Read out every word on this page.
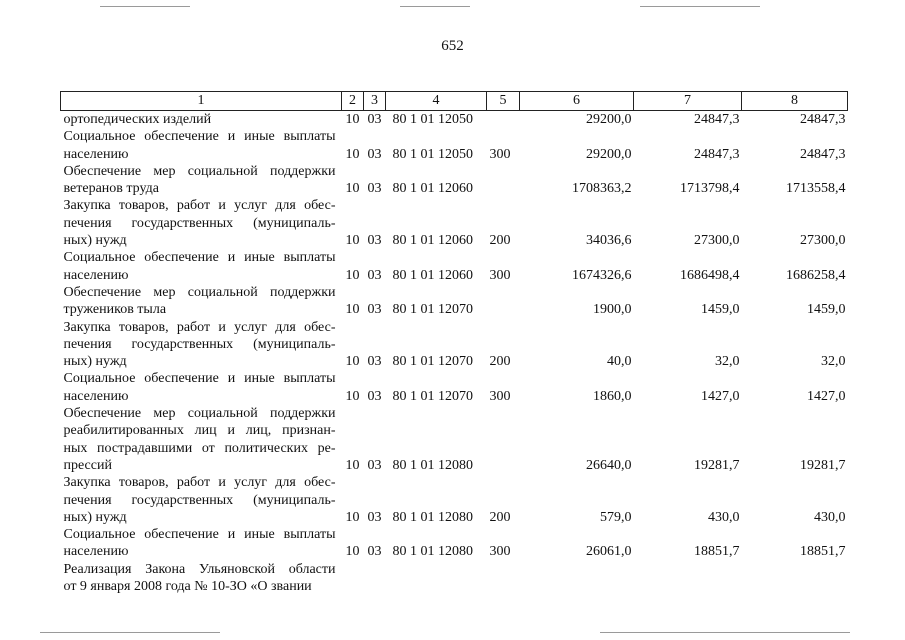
652
1	2	3	4	5	6	7	8

ортопедических изделий	10	03	80 1 01 12050		29200,0	24847,3	24847,3

Социальное обеспечение и иные выплаты
населению	10	03	80 1 01 12050	300	29200,0	24847,3	24847,3

Обеспечение мер социальной поддержки
ветеранов труда	10	03	80 1 01 12060		1708363,2	1713798,4	1713558,4

Закупка товаров, работ и услуг для обес-
печения государственных (муниципаль-
ных) нужд	10	03	80 1 01 12060	200	34036,6	27300,0	27300,0

Социальное обеспечение и иные выплаты
населению	10	03	80 1 01 12060	300	1674326,6	1686498,4	1686258,4

Обеспечение мер социальной поддержки
тружеников тыла	10	03	80 1 01 12070		1900,0	1459,0	1459,0

Закупка товаров, работ и услуг для обес-
печения государственных (муниципаль-
ных) нужд	10	03	80 1 01 12070	200	40,0	32,0	32,0

Социальное обеспечение и иные выплаты
населению	10	03	80 1 01 12070	300	1860,0	1427,0	1427,0

Обеспечение мер социальной поддержки
реабилитированных лиц и лиц, признан-
ных пострадавшими от политических ре-
прессий	10	03	80 1 01 12080		26640,0	19281,7	19281,7

Закупка товаров, работ и услуг для обес-
печения государственных (муниципаль-
ных) нужд	10	03	80 1 01 12080	200	579,0	430,0	430,0

Социальное обеспечение и иные выплаты
населению	10	03	80 1 01 12080	300	26061,0	18851,7	18851,7

Реализация Закона Ульяновской области
от 9 января 2008 года № 10-ЗО «О звании							
